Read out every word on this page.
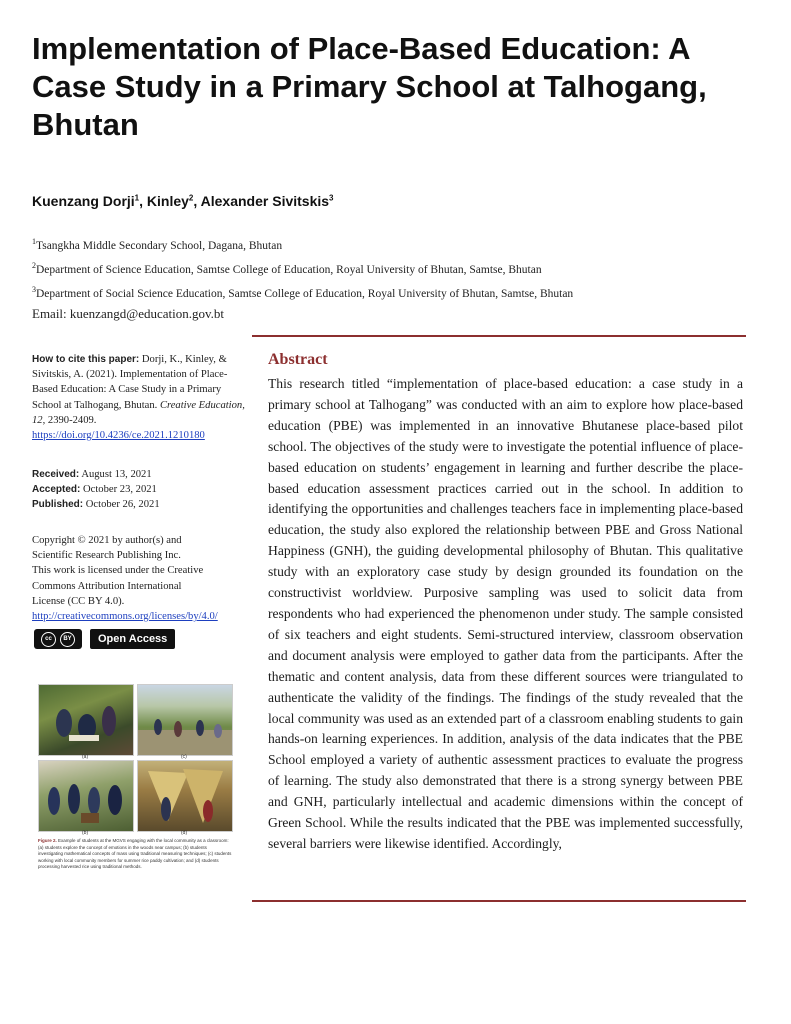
Implementation of Place-Based Education: A Case Study in a Primary School at Talhogang, Bhutan
Kuenzang Dorji$^1$, Kinley$^2$, Alexander Sivitskis$^3$
$^1$Tsangkha Middle Secondary School, Dagana, Bhutan
$^2$Department of Science Education, Samtse College of Education, Royal University of Bhutan, Samtse, Bhutan
$^3$Department of Social Science Education, Samtse College of Education, Royal University of Bhutan, Samtse, Bhutan
Email: kuenzangd@education.gov.bt
Abstract

This research titled “implementation of place-based education: a case study in a primary school at Talhogang” was conducted with an aim to explore how place-based education (PBE) was implemented in an innovative Bhutanese place-based pilot school. The objectives of the study were to investigate the potential influence of place-based education on students’ engagement in learning and further describe the place-based education assessment practices carried out in the school. In addition to identifying the opportunities and challenges teachers face in implementing place-based education, the study also explored the relationship between PBE and Gross National Happiness (GNH), the guiding developmental philosophy of Bhutan. This qualitative study with an exploratory case study by design grounded its foundation on the constructivist worldview. Purposive sampling was used to solicit data from respondents who had experienced the phenomenon under study. The sample consisted of six teachers and eight students. Semi-structured interview, classroom observation and document analysis were employed to gather data from the participants. After the thematic and content analysis, data from these different sources were triangulated to authenticate the validity of the findings. The findings of the study revealed that the local community was used as an extended part of a classroom enabling students to gain hands-on learning experiences. In addition, analysis of the data indicates that the PBE School employed a variety of authentic assessment practices to evaluate the progress of learning. The study also demonstrated that there is a strong synergy between PBE and GNH, particularly intellectual and academic dimensions within the concept of Green School. While the results indicated that the PBE was implemented successfully, several barriers were likewise identified. Accordingly,

How to cite this paper: Dorji, K., Kinley, & Sivitskis, A. (2021). Implementation of Place-Based Education: A Case Study in a Primary School at Talhogang, Bhutan. Creative Education, 12, 2390-2409.
https://doi.org/10.4236/ce.2021.1210180
Received: August 13, 2021
Accepted: October 23, 2021
Published: October 26, 2021
Copyright © 2021 by author(s) and
Scientific Research Publishing Inc.
This work is licensed under the Creative
Commons Attribution International
License (CC BY 4.0).
http://creativecommons.org/licenses/by/4.0/
cc	BY	Open Access
(a)	(c)
(b)	(d)
Figure 2. Example of students at the MGVS engaging with the local community as a classroom: (a) students explore the concept of emotions in the woods near campus; (b) students investigating mathematical concepts of mass using traditional measuring techniques; (c) students working with local community members for summer rice paddy cultivation; and (d) students processing harvested rice using traditional methods.
